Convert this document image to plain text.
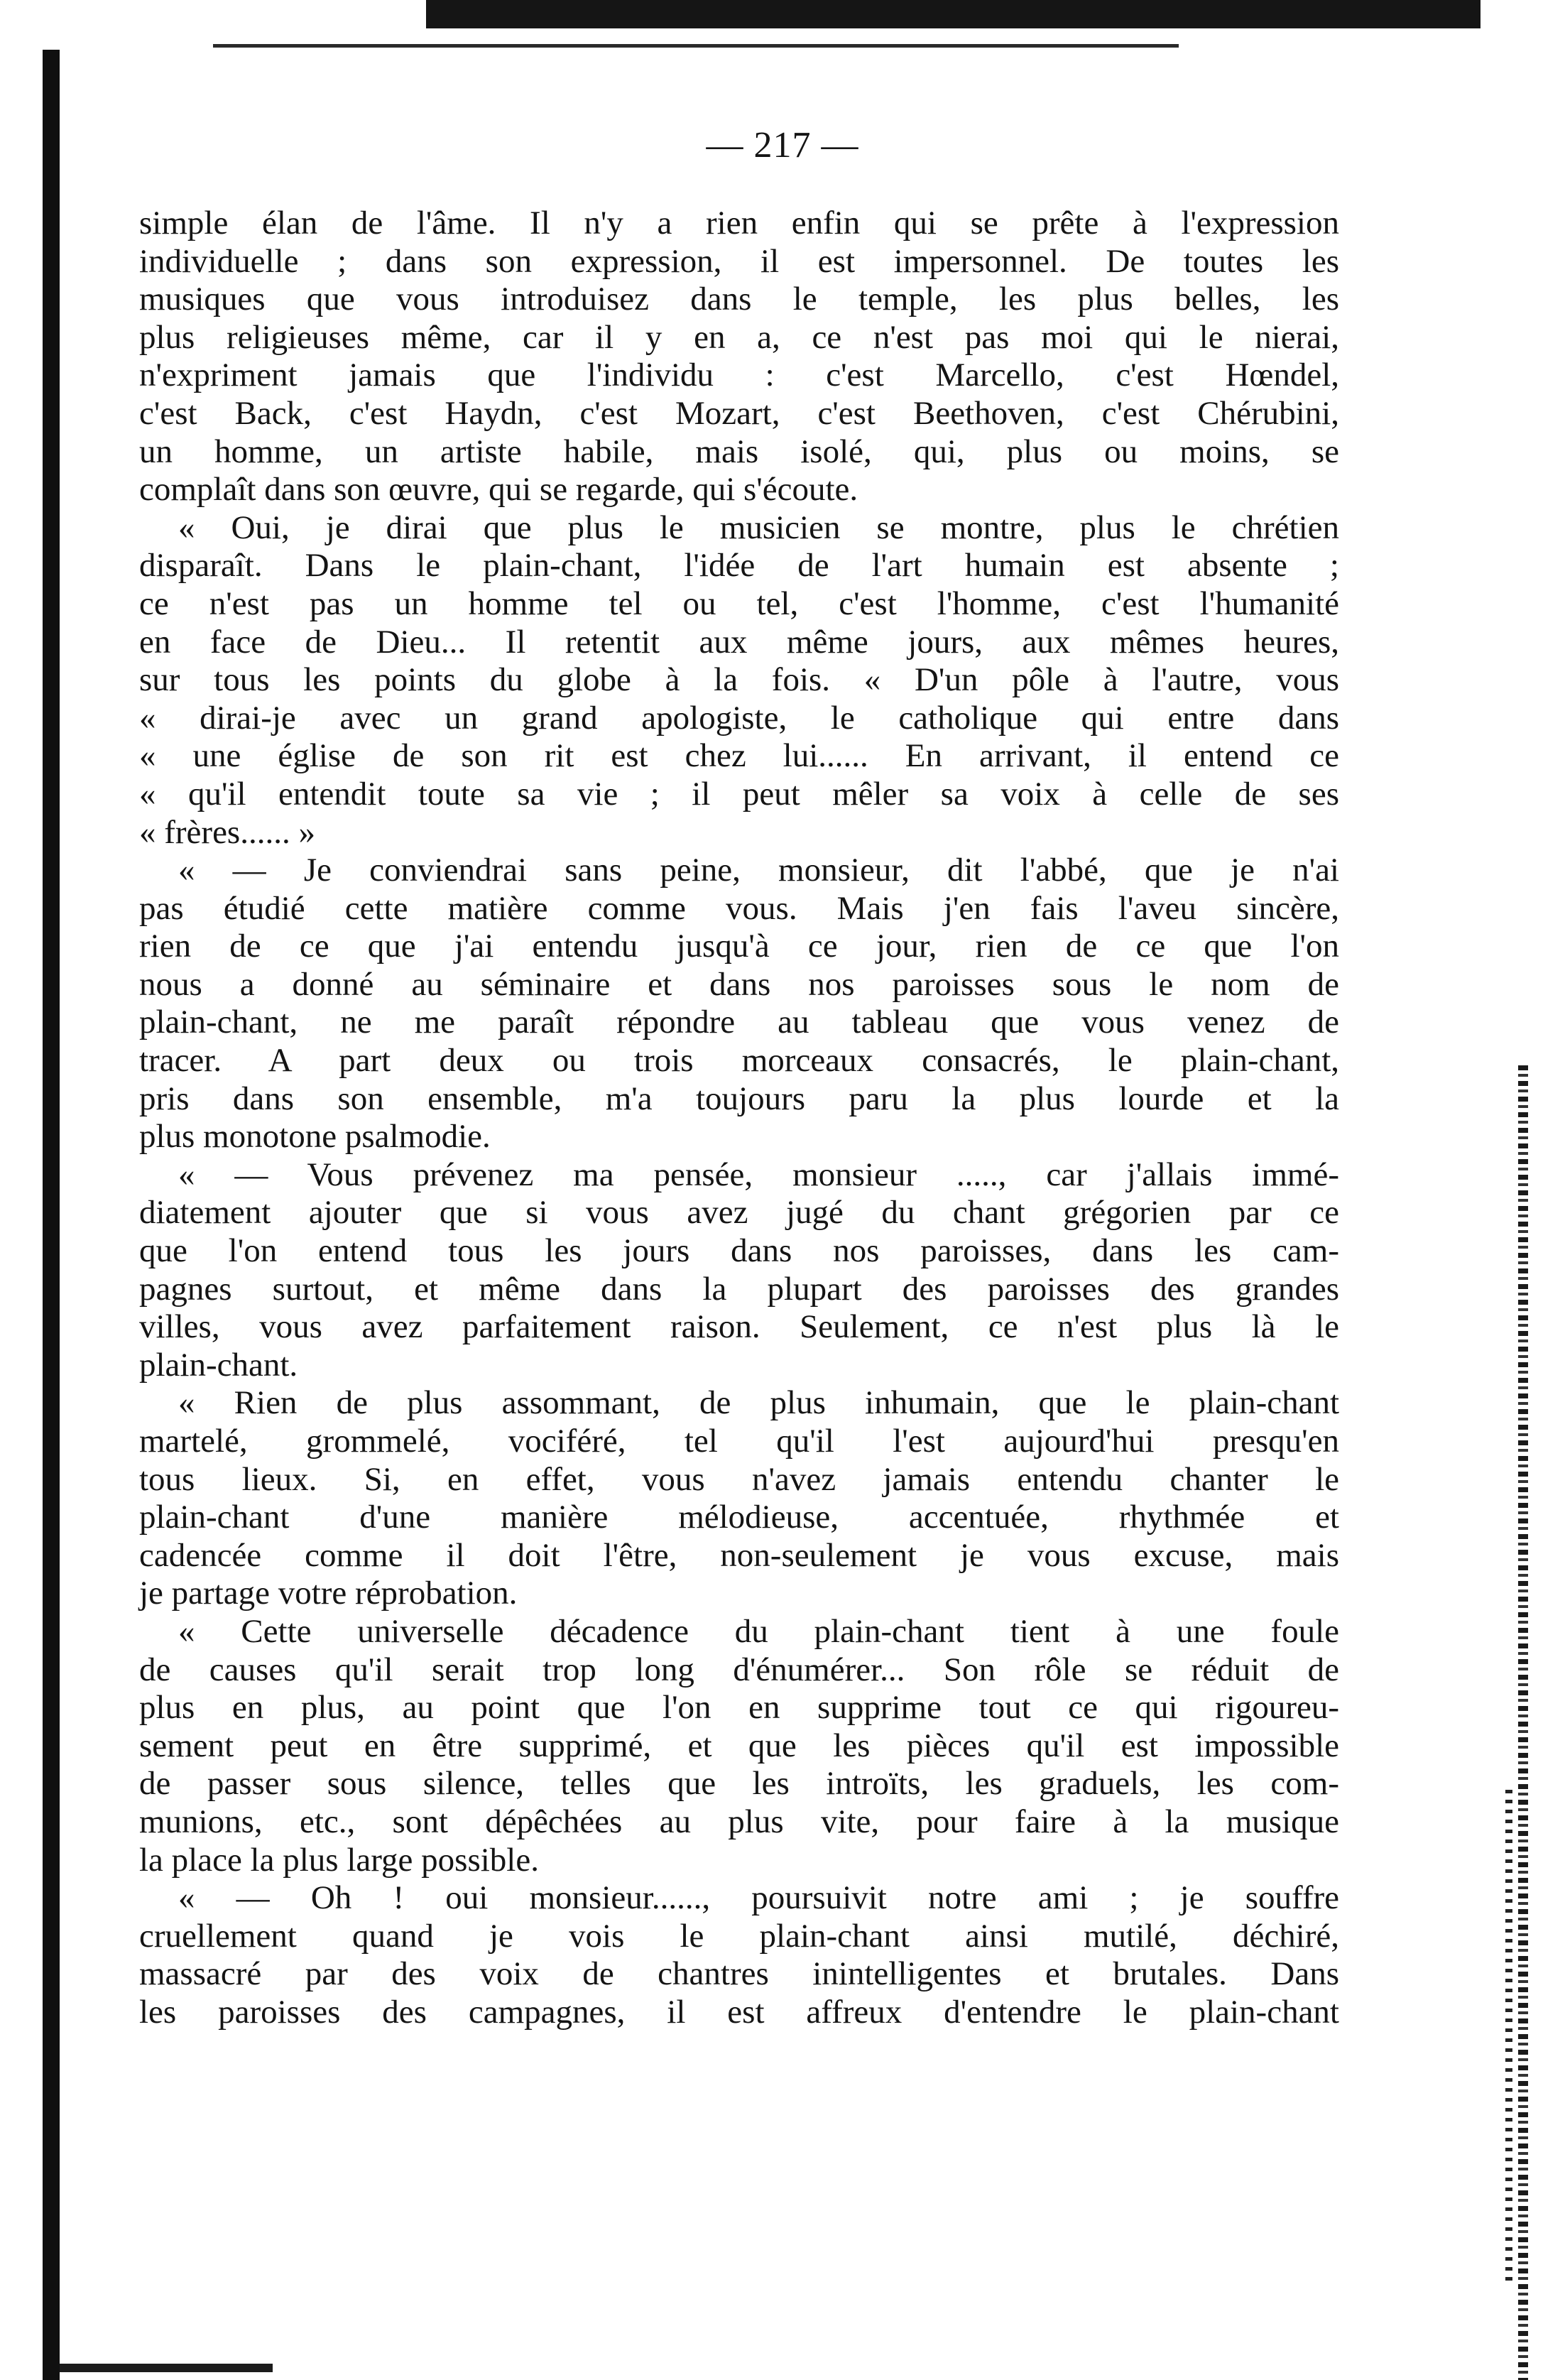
— 217 —
simple élan de l'âme. Il n'y a rien enfin qui se prête à l'expression
individuelle ; dans son expression, il est impersonnel. De toutes les
musiques que vous introduisez dans le temple, les plus belles, les
plus religieuses même, car il y en a, ce n'est pas moi qui le nierai,
n'expriment jamais que l'individu : c'est Marcello, c'est Hœndel,
c'est Back, c'est Haydn, c'est Mozart, c'est Beethoven, c'est Chérubini,
un homme, un artiste habile, mais isolé, qui, plus ou moins, se
complaît dans son œuvre, qui se regarde, qui s'écoute.
« Oui, je dirai que plus le musicien se montre, plus le chrétien
disparaît. Dans le plain-chant, l'idée de l'art humain est absente ;
ce n'est pas un homme tel ou tel, c'est l'homme, c'est l'humanité
en face de Dieu... Il retentit aux même jours, aux mêmes heures,
sur tous les points du globe à la fois. « D'un pôle à l'autre, vous
« dirai-je avec un grand apologiste, le catholique qui entre dans
« une église de son rit est chez lui...... En arrivant, il entend ce
« qu'il entendit toute sa vie ; il peut mêler sa voix à celle de ses
« frères...... »
« — Je conviendrai sans peine, monsieur, dit l'abbé, que je n'ai
pas étudié cette matière comme vous. Mais j'en fais l'aveu sincère,
rien de ce que j'ai entendu jusqu'à ce jour, rien de ce que l'on
nous a donné au séminaire et dans nos paroisses sous le nom de
plain-chant, ne me paraît répondre au tableau que vous venez de
tracer. A part deux ou trois morceaux consacrés, le plain-chant,
pris dans son ensemble, m'a toujours paru la plus lourde et la
plus monotone psalmodie.
« — Vous prévenez ma pensée, monsieur ....., car j'allais immé-
diatement ajouter que si vous avez jugé du chant grégorien par ce
que l'on entend tous les jours dans nos paroisses, dans les cam-
pagnes surtout, et même dans la plupart des paroisses des grandes
villes, vous avez parfaitement raison. Seulement, ce n'est plus là le
plain-chant.
« Rien de plus assommant, de plus inhumain, que le plain-chant
martelé, grommelé, vociféré, tel qu'il l'est aujourd'hui presqu'en
tous lieux. Si, en effet, vous n'avez jamais entendu chanter le
plain-chant d'une manière mélodieuse, accentuée, rhythmée et
cadencée comme il doit l'être, non-seulement je vous excuse, mais
je partage votre réprobation.
« Cette universelle décadence du plain-chant tient à une foule
de causes qu'il serait trop long d'énumérer... Son rôle se réduit de
plus en plus, au point que l'on en supprime tout ce qui rigoureu-
sement peut en être supprimé, et que les pièces qu'il est impossible
de passer sous silence, telles que les introïts, les graduels, les com-
munions, etc., sont dépêchées au plus vite, pour faire à la musique
la place la plus large possible.
« — Oh ! oui monsieur......, poursuivit notre ami ; je souffre
cruellement quand je vois le plain-chant ainsi mutilé, déchiré,
massacré par des voix de chantres inintelligentes et brutales. Dans
les paroisses des campagnes, il est affreux d'entendre le plain-chant
